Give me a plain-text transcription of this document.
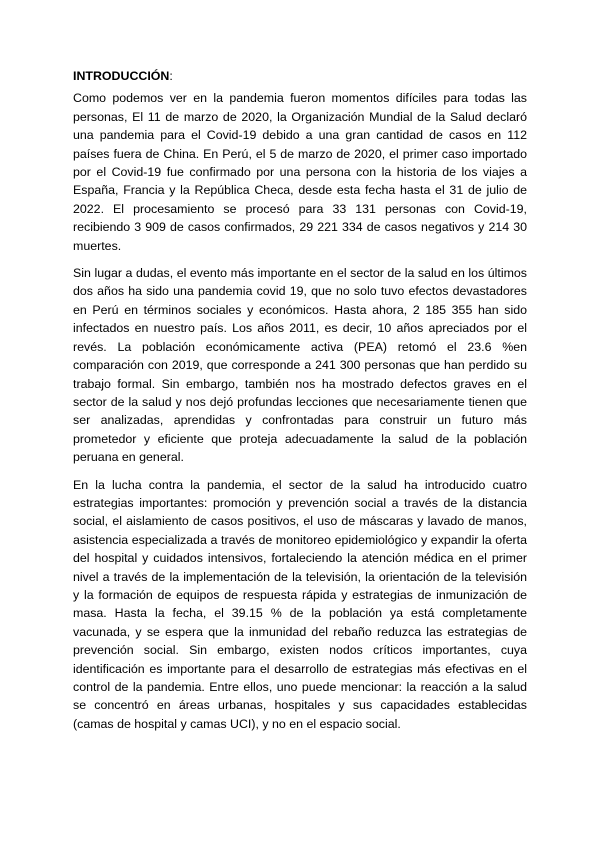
INTRODUCCIÓN:

Como podemos ver en la pandemia fueron momentos difíciles para todas las personas, El 11 de marzo de 2020, la Organización Mundial de la Salud declaró una pandemia para el Covid-19 debido a una gran cantidad de casos en 112 países fuera de China. En Perú, el 5 de marzo de 2020, el primer caso importado por el Covid-19 fue confirmado por una persona con la historia de los viajes a España, Francia y la República Checa, desde esta fecha hasta el 31 de julio de 2022. El procesamiento se procesó para 33 131 personas con Covid-19, recibiendo 3 909 de casos confirmados, 29 221 334 de casos negativos y 214 30 muertes.

Sin lugar a dudas, el evento más importante en el sector de la salud en los últimos dos años ha sido una pandemia covid 19, que no solo tuvo efectos devastadores en Perú en términos sociales y económicos. Hasta ahora, 2 185 355 han sido infectados en nuestro país. Los años 2011, es decir, 10 años apreciados por el revés. La población económicamente activa (PEA) retomó el 23.6 %en comparación con 2019, que corresponde a 241 300 personas que han perdido su trabajo formal. Sin embargo, también nos ha mostrado defectos graves en el sector de la salud y nos dejó profundas lecciones que necesariamente tienen que ser analizadas, aprendidas y confrontadas para construir un futuro más prometedor y eficiente que proteja adecuadamente la salud de la población peruana en general.

En la lucha contra la pandemia, el sector de la salud ha introducido cuatro estrategias importantes: promoción y prevención social a través de la distancia social, el aislamiento de casos positivos, el uso de máscaras y lavado de manos, asistencia especializada a través de monitoreo epidemiológico y expandir la oferta del hospital y cuidados intensivos, fortaleciendo la atención médica en el primer nivel a través de la implementación de la televisión, la orientación de la televisión y la formación de equipos de respuesta rápida y estrategias de inmunización de masa. Hasta la fecha, el 39.15 % de la población ya está completamente vacunada, y se espera que la inmunidad del rebaño reduzca las estrategias de prevención social. Sin embargo, existen nodos críticos importantes, cuya identificación es importante para el desarrollo de estrategias más efectivas en el control de la pandemia. Entre ellos, uno puede mencionar: la reacción a la salud se concentró en áreas urbanas, hospitales y sus capacidades establecidas (camas de hospital y camas UCI), y no en el espacio social.
